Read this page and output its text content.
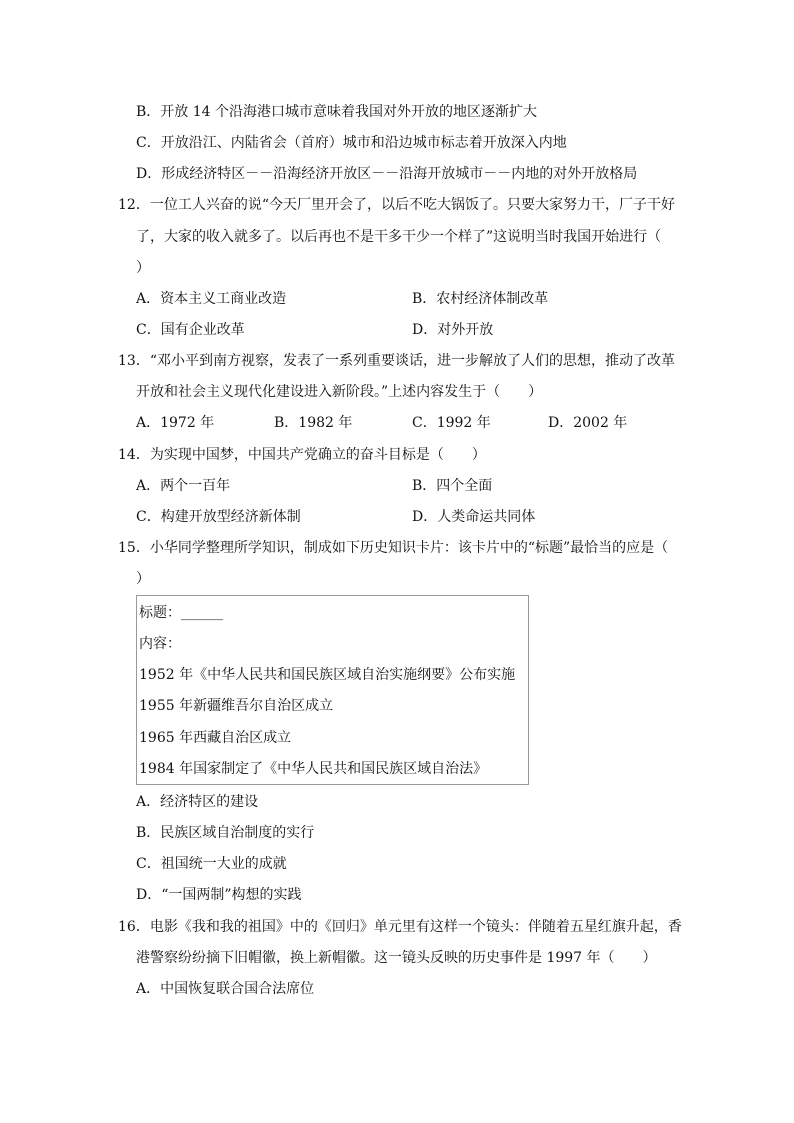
B．开放 14 个沿海港口城市意味着我国对外开放的地区逐渐扩大
C．开放沿江、内陆省会（首府）城市和沿边城市标志着开放深入内地
D．形成经济特区－－沿海经济开放区－－沿海开放城市－－内地的对外开放格局
12．一位工人兴奋的说“今天厂里开会了，以后不吃大锅饭了。只要大家努力干，厂子干好
了，大家的收入就多了。以后再也不是干多干少一个样了”这说明当时我国开始进行（
）
A．资本主义工商业改造	B．农村经济体制改革
C．国有企业改革	D．对外开放
13．“邓小平到南方视察，发表了一系列重要谈话，进一步解放了人们的思想，推动了改革
开放和社会主义现代化建设进入新阶段。”上述内容发生于（　　）
A．1972 年	B．1982 年	C．1992 年	D．2002 年
14．为实现中国梦，中国共产党确立的奋斗目标是（　　）
A．两个一百年	B．四个全面
C．构建开放型经济新体制	D．人类命运共同体
15．小华同学整理所学知识，制成如下历史知识卡片：该卡片中的“标题”最恰当的应是（
）
标题：______
内容：
1952 年《中华人民共和国民族区域自治实施纲要》公布实施
1955 年新疆维吾尔自治区成立
1965 年西藏自治区成立
1984 年国家制定了《中华人民共和国民族区域自治法》
A．经济特区的建设
B．民族区域自治制度的实行
C．祖国统一大业的成就
D．“一国两制”构想的实践
16．电影《我和我的祖国》中的《回归》单元里有这样一个镜头：伴随着五星红旗升起，香
港警察纷纷摘下旧帽徽，换上新帽徽。这一镜头反映的历史事件是 1997 年（　　）
A．中国恢复联合国合法席位
